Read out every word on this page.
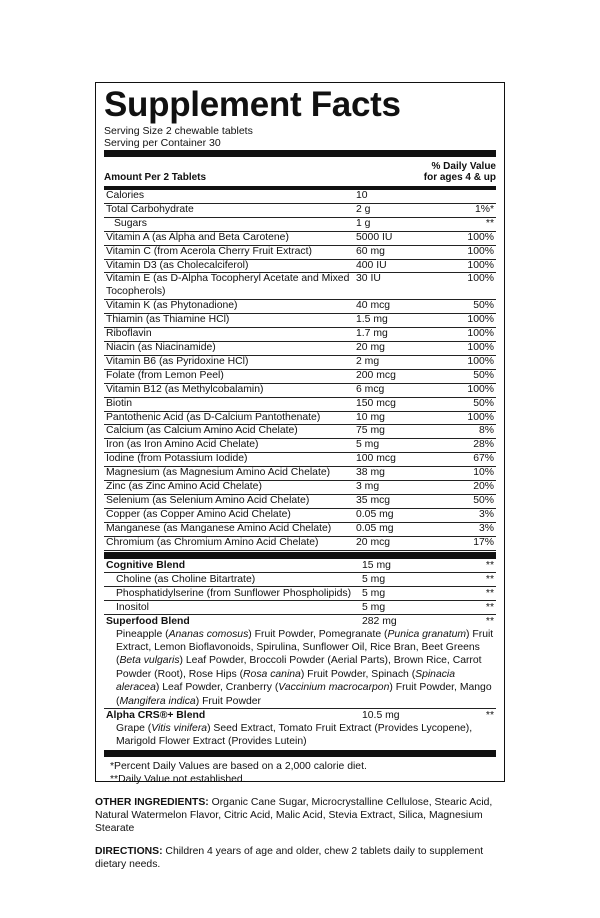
Supplement Facts
Serving Size 2 chewable tablets
Serving per Container 30
Amount Per 2 Tablets
% Daily Value
for ages 4 & up
Calories	10
Total Carbohydrate	2 g	1%*
Sugars	1 g	**
Vitamin A (as Alpha and Beta Carotene)	5000 IU	100%
Vitamin C (from Acerola Cherry Fruit Extract)	60 mg	100%
Vitamin D3 (as Cholecalciferol)	400 IU	100%
Vitamin E (as D-Alpha Tocopheryl Acetate and Mixed Tocopherols)
30 IU	100%
Vitamin K (as Phytonadione)	40 mcg	50%
Thiamin (as Thiamine HCl)	1.5 mg	100%
Riboflavin	1.7 mg	100%
Niacin (as Niacinamide)	20 mg	100%
Vitamin B6 (as Pyridoxine HCl)	2 mg	100%
Folate (from Lemon Peel)	200 mcg	50%
Vitamin B12 (as Methylcobalamin)	6 mcg	100%
Biotin	150 mcg	50%
Pantothenic Acid (as D-Calcium Pantothenate)	10 mg	100%
Calcium (as Calcium Amino Acid Chelate)	75 mg	8%
Iron (as Iron Amino Acid Chelate)	5 mg	28%
Iodine (from Potassium Iodide)	100 mcg	67%
Magnesium (as Magnesium Amino Acid Chelate)	38 mg	10%
Zinc (as Zinc Amino Acid Chelate)	3 mg	20%
Selenium (as Selenium Amino Acid Chelate)	35 mcg	50%
Copper (as Copper Amino Acid Chelate)	0.05 mg	3%
Manganese (as Manganese Amino Acid Chelate)	0.05 mg	3%
Chromium (as Chromium Amino Acid Chelate)	20 mcg	17%
Cognitive Blend	15 mg	**
Choline (as Choline Bitartrate)	5 mg	**
Phosphatidylserine (from Sunflower Phospholipids)	5 mg	**
Inositol	5 mg	**
Superfood Blend	282 mg	**
Pineapple (Ananas comosus) Fruit Powder, Pomegranate (Punica granatum) Fruit Extract, Lemon Bioflavonoids, Spirulina, Sunflower Oil, Rice Bran, Beet Greens (Beta vulgaris) Leaf Powder, Broccoli Powder (Aerial Parts), Brown Rice, Carrot Powder (Root), Rose Hips (Rosa canina) Fruit Powder, Spinach (Spinacia aleracea) Leaf Powder, Cranberry (Vaccinium macrocarpon) Fruit Powder, Mango (Mangifera indica) Fruit Powder
Alpha CRS®+ Blend	10.5 mg	**
Grape (Vitis vinifera) Seed Extract, Tomato Fruit Extract (Provides Lycopene), Marigold Flower Extract (Provides Lutein)
*Percent Daily Values are based on a 2,000 calorie diet.
**Daily Value not established.
OTHER INGREDIENTS: Organic Cane Sugar, Microcrystalline Cellulose, Stearic Acid, Natural Watermelon Flavor, Citric Acid, Malic Acid, Stevia Extract, Silica, Magnesium Stearate
DIRECTIONS: Children 4 years of age and older, chew 2 tablets daily to supplement dietary needs.
